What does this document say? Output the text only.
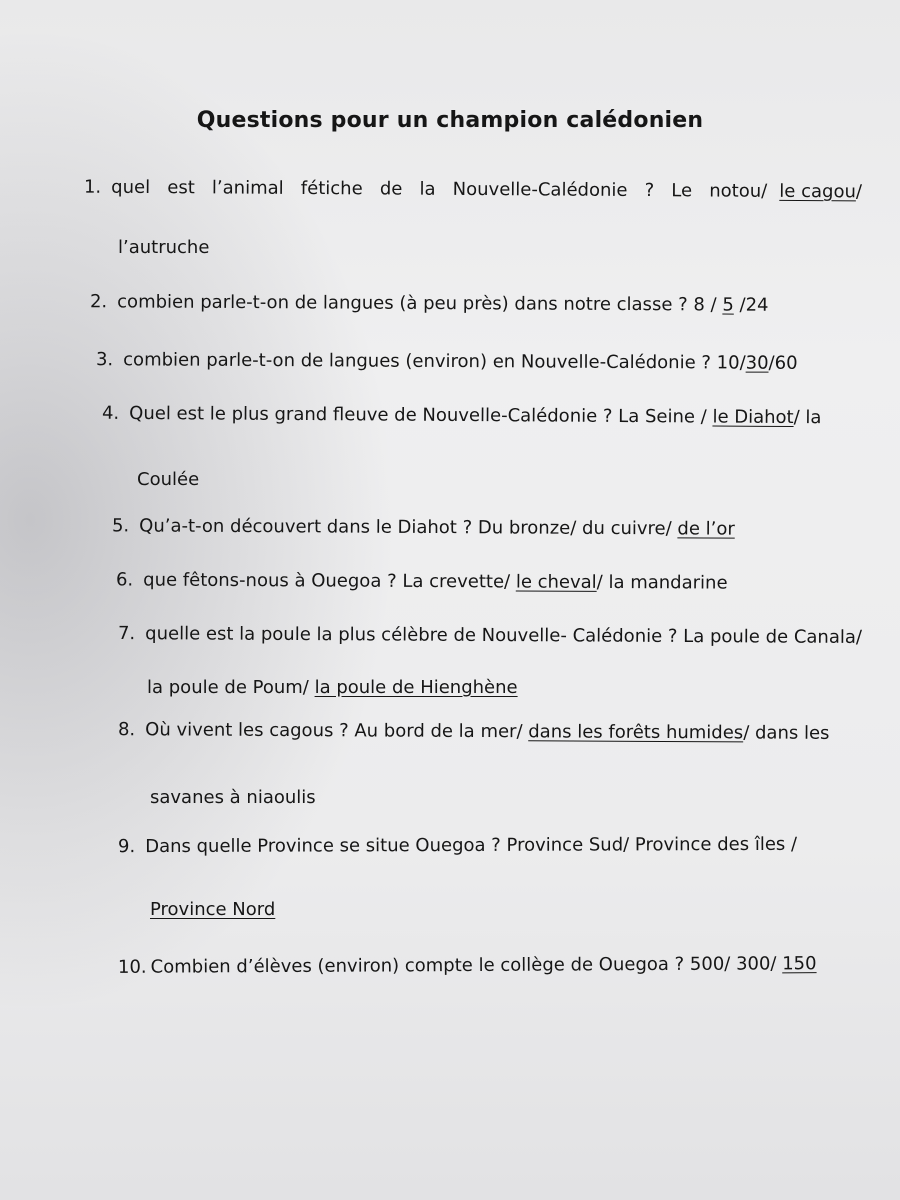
Questions pour un champion calédonien
1. quel est l’animal fétiche de la Nouvelle-Calédonie ? Le notou/ le cagou/
l’autruche
2. combien parle-t-on de langues (à peu près) dans notre classe ? 8 / 5 /24
3. combien parle-t-on de langues (environ) en Nouvelle-Calédonie ? 10/30/60
4. Quel est le plus grand fleuve de Nouvelle-Calédonie ? La Seine / le Diahot/ la
Coulée
5. Qu’a-t-on découvert dans le Diahot ? Du bronze/ du cuivre/ de l’or
6. que fêtons-nous à Ouegoa ? La crevette/ le cheval/ la mandarine
7. quelle est la poule la plus célèbre de Nouvelle- Calédonie ? La poule de Canala/
la poule de Poum/ la poule de Hienghène
8. Où vivent les cagous ? Au bord de la mer/ dans les forêts humides/ dans les
savanes à niaoulis
9. Dans quelle Province se situe Ouegoa ? Province Sud/ Province des îles /
Province Nord
10. Combien d’élèves (environ) compte le collège de Ouegoa ? 500/ 300/ 150
